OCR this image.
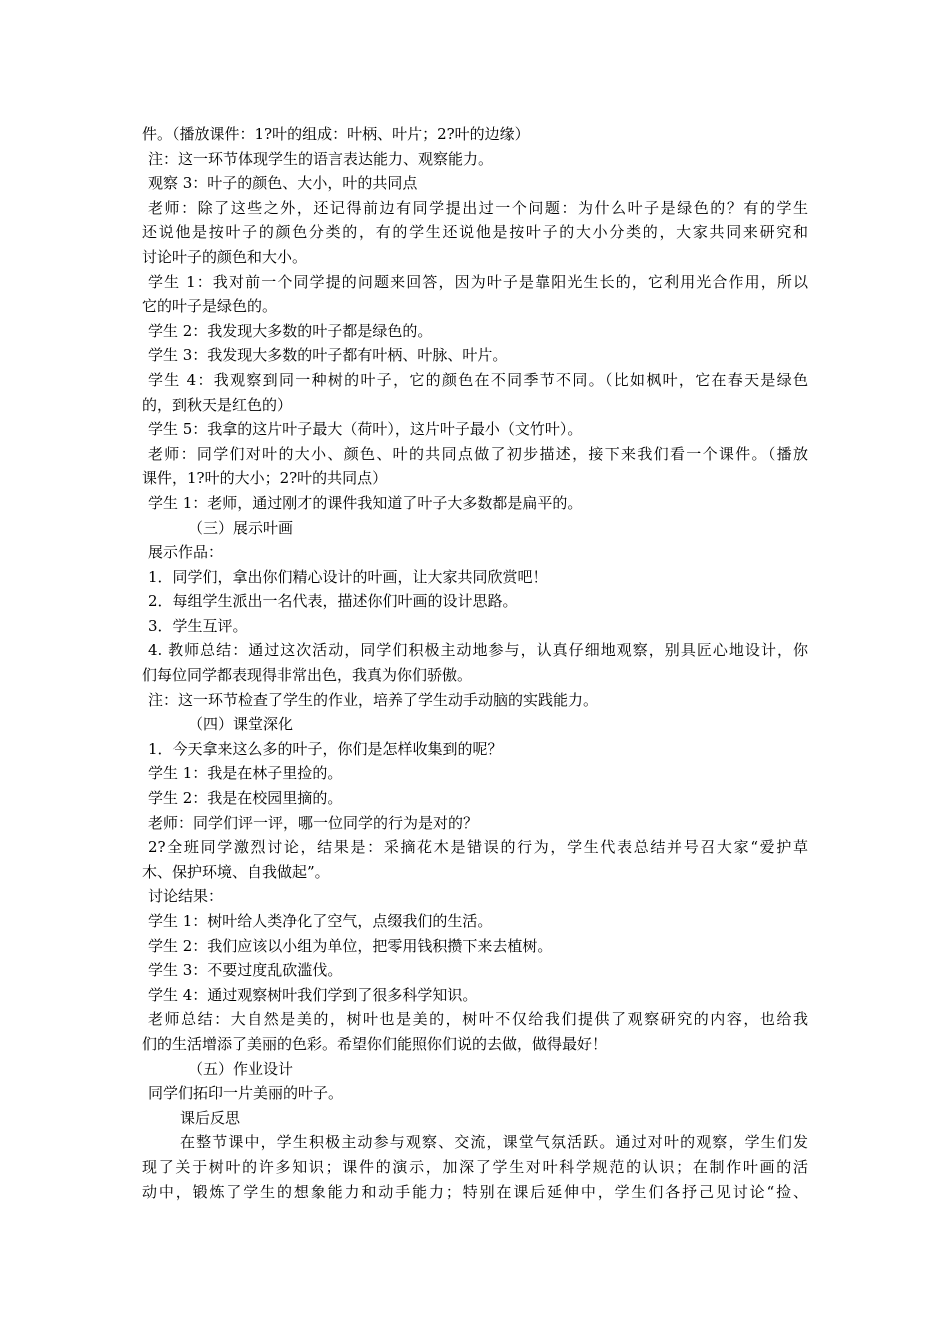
件。（播放课件：1?叶的组成：叶柄、叶片；2?叶的边缘）
注：这一环节体现学生的语言表达能力、观察能力。
观察 3：叶子的颜色、大小，叶的共同点
老师：除了这些之外，还记得前边有同学提出过一个问题：为什么叶子是绿色的？有的学生
还说他是按叶子的颜色分类的，有的学生还说他是按叶子的大小分类的，大家共同来研究和
讨论叶子的颜色和大小。
学生 1：我对前一个同学提的问题来回答，因为叶子是靠阳光生长的，它利用光合作用，所以
它的叶子是绿色的。
学生 2：我发现大多数的叶子都是绿色的。
学生 3：我发现大多数的叶子都有叶柄、叶脉、叶片。
学生 4：我观察到同一种树的叶子，它的颜色在不同季节不同。（比如枫叶，它在春天是绿色
的，到秋天是红色的）
学生 5：我拿的这片叶子最大（荷叶），这片叶子最小（文竹叶）。
老师：同学们对叶的大小、颜色、叶的共同点做了初步描述，接下来我们看一个课件。（播放
课件，1?叶的大小；2?叶的共同点）
学生 1：老师，通过刚才的课件我知道了叶子大多数都是扁平的。
（三）展示叶画
展示作品：
1．同学们，拿出你们精心设计的叶画，让大家共同欣赏吧！
2．每组学生派出一名代表，描述你们叶画的设计思路。
3．学生互评。
4. 教师总结：通过这次活动，同学们积极主动地参与，认真仔细地观察，别具匠心地设计，你
们每位同学都表现得非常出色，我真为你们骄傲。
注：这一环节检查了学生的作业，培养了学生动手动脑的实践能力。
（四）课堂深化
1．今天拿来这么多的叶子，你们是怎样收集到的呢？
学生 1：我是在林子里捡的。
学生 2：我是在校园里摘的。
老师：同学们评一评，哪一位同学的行为是对的？
2?全班同学激烈讨论，结果是：采摘花木是错误的行为，学生代表总结并号召大家“爱护草
木、保护环境、自我做起”。
讨论结果：
学生 1：树叶给人类净化了空气，点缀我们的生活。
学生 2：我们应该以小组为单位，把零用钱积攒下来去植树。
学生 3：不要过度乱砍滥伐。
学生 4：通过观察树叶我们学到了很多科学知识。
老师总结：大自然是美的，树叶也是美的，树叶不仅给我们提供了观察研究的内容，也给我
们的生活增添了美丽的色彩。希望你们能照你们说的去做，做得最好！
（五）作业设计
同学们拓印一片美丽的叶子。
课后反思
在整节课中，学生积极主动参与观察、交流，课堂气氛活跃。通过对叶的观察，学生们发
现了关于树叶的许多知识；课件的演示，加深了学生对叶科学规范的认识；在制作叶画的活
动中，锻炼了学生的想象能力和动手能力；特别在课后延伸中，学生们各抒己见讨论“捡、
